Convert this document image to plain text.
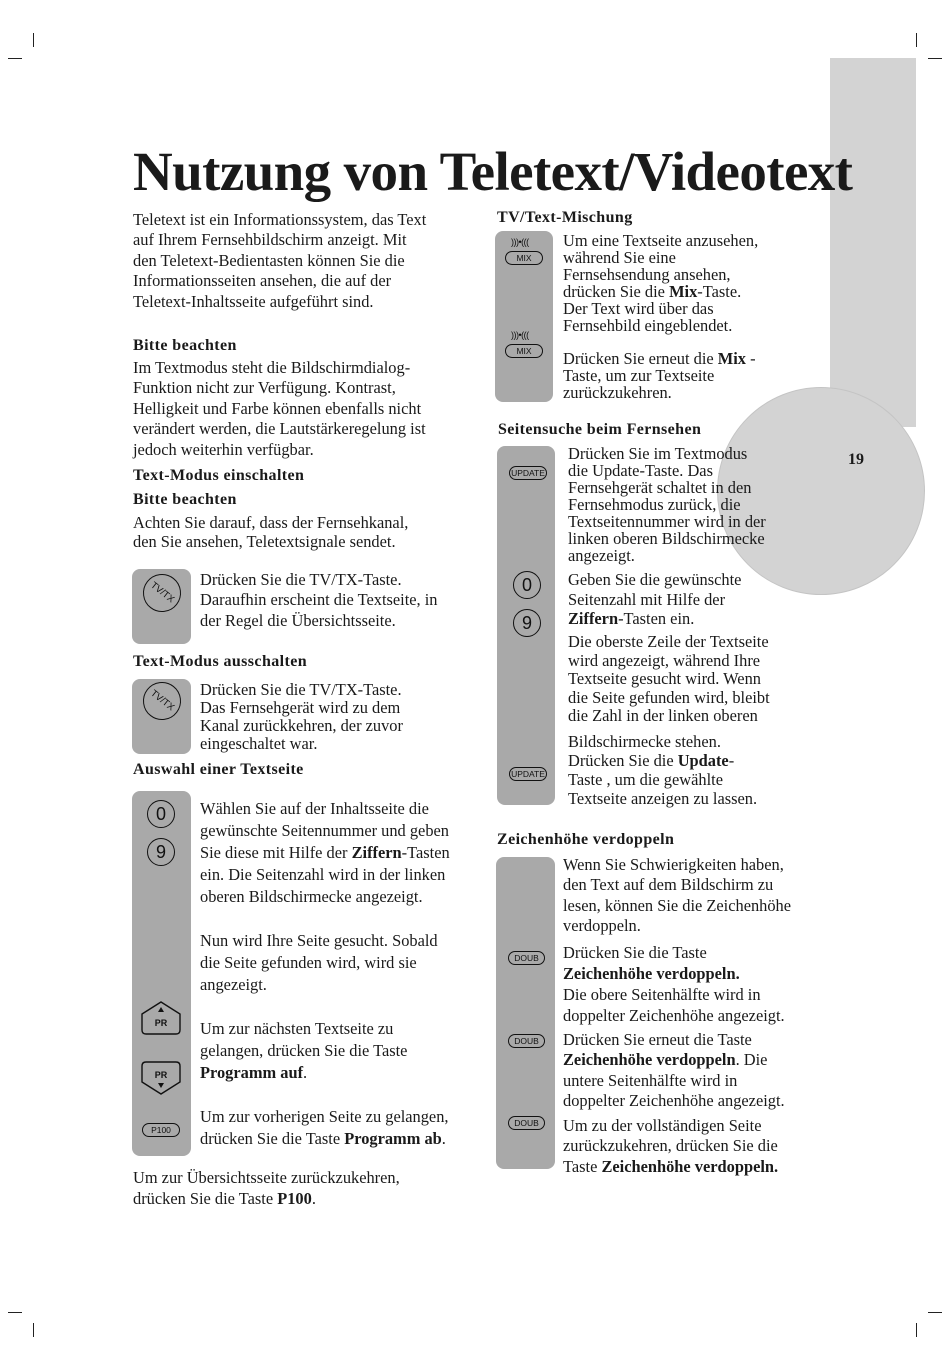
19
Nutzung von Teletext/Videotext
Teletext ist ein Informationssystem, das Text
auf Ihrem Fernsehbildschirm anzeigt. Mit
den Teletext-Bedientasten können Sie die
Informationsseiten ansehen, die auf der
Teletext-Inhaltsseite aufgeführt sind.
Bitte beachten
Im Textmodus steht die Bildschirmdialog-
Funktion nicht zur Verfügung. Kontrast,
Helligkeit und Farbe können ebenfalls nicht
verändert werden, die Lautstärkeregelung ist
jedoch weiterhin verfügbar.
Text-Modus einschalten
Bitte beachten
Achten Sie darauf, dass der Fernsehkanal,
den Sie ansehen, Teletextsignale sendet.
TV/TX
Drücken Sie die TV/TX-Taste.
Daraufhin erscheint die Textseite, in
der Regel die Übersichtsseite.
Text-Modus ausschalten
TV/TX	Drücken Sie die TV/TX-Taste.
Das Fernsehgerät wird zu dem
Kanal zurückkehren, der zuvor
eingeschaltet war.
Auswahl einer Textseite
0
9
Wählen Sie auf der Inhaltsseite die
gewünschte Seitennummer und geben
Sie diese mit Hilfe der Ziffern-Tasten
ein. Die Seitenzahl wird in der linken
oberen Bildschirmecke angezeigt.
Nun wird Ihre Seite gesucht. Sobald
die Seite gefunden wird, wird sie
angezeigt.
PR Um zur nächsten Textseite zu
gelangen, drücken Sie die Taste
Programm auf.
PR
P100
Um zur vorherigen Seite zu gelangen,
drücken Sie die Taste Programm ab.
Um zur Übersichtsseite zurückzukehren,
drücken Sie die Taste P100.
TV/Text-Mischung
)))•(((
MIX
)))•(((
MIX
Um eine Textseite anzusehen,
während Sie eine
Fernsehsendung ansehen,
drücken Sie die Mix-Taste.
Der Text wird über das
Fernsehbild eingeblendet.
Drücken Sie erneut die Mix -
Taste, um zur Textseite
zurückzukehren.
Seitensuche beim Fernsehen
UPDATE
0
9
UPDATE
Drücken Sie im Textmodus
die Update-Taste. Das
Fernsehgerät schaltet in den
Fernsehmodus zurück, die
Textseitennummer wird in der
linken oberen Bildschirmecke
angezeigt.
Geben Sie die gewünschte
Seitenzahl mit Hilfe der
Ziffern-Tasten ein.
Die oberste Zeile der Textseite
wird angezeigt, während Ihre
Textseite gesucht wird. Wenn
die Seite gefunden wird, bleibt
die Zahl in der linken oberen
Bildschirmecke stehen.
Drücken Sie die Update-
Taste , um die gewählte
Textseite anzeigen zu lassen.
Zeichenhöhe verdoppeln
DOUB
DOUB
DOUB
Wenn Sie Schwierigkeiten haben,
den Text auf dem Bildschirm zu
lesen, können Sie die Zeichenhöhe
verdoppeln.
Drücken Sie die Taste
Zeichenhöhe verdoppeln.
Die obere Seitenhälfte wird in
doppelter Zeichenhöhe angezeigt.
Drücken Sie erneut die Taste
Zeichenhöhe verdoppeln. Die
untere Seitenhälfte wird in
doppelter Zeichenhöhe angezeigt.
Um zu der vollständigen Seite
zurückzukehren, drücken Sie die
Taste Zeichenhöhe verdoppeln.
